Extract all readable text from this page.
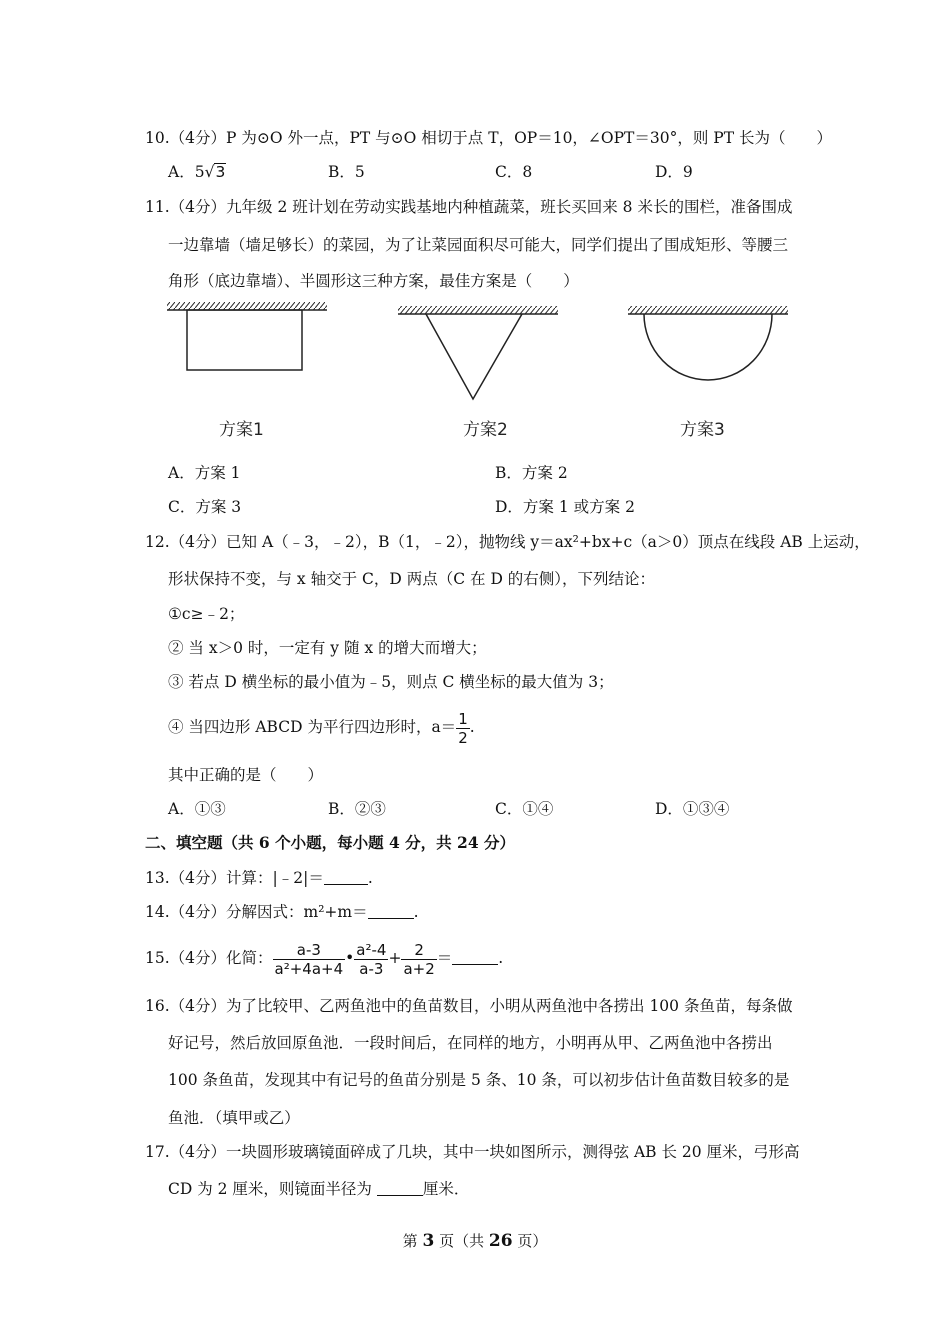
10.（4分）P 为⊙O 外一点，PT 与⊙O 相切于点 T，OP＝10，∠OPT＝30°，则 PT 长为（　　）
A．5√3	B．5	C．8	D．9
11.（4分）九年级 2 班计划在劳动实践基地内种植蔬菜，班长买回来 8 米长的围栏，准备围成
一边靠墙（墙足够长）的菜园，为了让菜园面积尽可能大，同学们提出了围成矩形、等腰三
角形（底边靠墙）、半圆形这三种方案，最佳方案是（　　）
方案1	方案2	方案3
A．方案 1	B．方案 2
C．方案 3	D．方案 1 或方案 2
12.（4分）已知 A（﹣3，﹣2），B（1，﹣2），抛物线 y＝ax²+bx+c（a＞0）顶点在线段 AB 上运动，
形状保持不变，与 x 轴交于 C，D 两点（C 在 D 的右侧），下列结论：
①c≥﹣2；
② 当 x＞0 时，一定有 y 随 x 的增大而增大；
③ 若点 D 横坐标的最小值为﹣5，则点 C 横坐标的最大值为 3；
④ 当四边形 ABCD 为平行四边形时，$a= \frac{1}{2}$ .
其中正确的是（　　）
A．①③	B．②③	C．①④	D．①③④
二、填空题（共 6 个小题，每小题 4 分，共 24 分）
13.（4分）计算：|﹣2|＝	.
14.（4分）分解因式：m²+m＝	.
15.（4分）化简： $\frac{a-3}{\text{a²+4a+4}}$ • $\frac{\text{a²-4}}{a-3} + \frac{2}{a+2}$ ＝	.
16.（4分）为了比较甲、乙两鱼池中的鱼苗数目，小明从两鱼池中各捞出 100 条鱼苗，每条做
好记号，然后放回原鱼池．一段时间后，在同样的地方，小明再从甲、乙两鱼池中各捞出
100 条鱼苗，发现其中有记号的鱼苗分别是 5 条、10 条，可以初步估计鱼苗数目较多的是
鱼池．（填甲或乙）
17.（4分）一块圆形玻璃镜面碎成了几块，其中一块如图所示，测得弦 AB 长 20 厘米，弓形高
CD 为 2 厘米，则镜面半径为	厘米．
第 3 页（共 26 页）
